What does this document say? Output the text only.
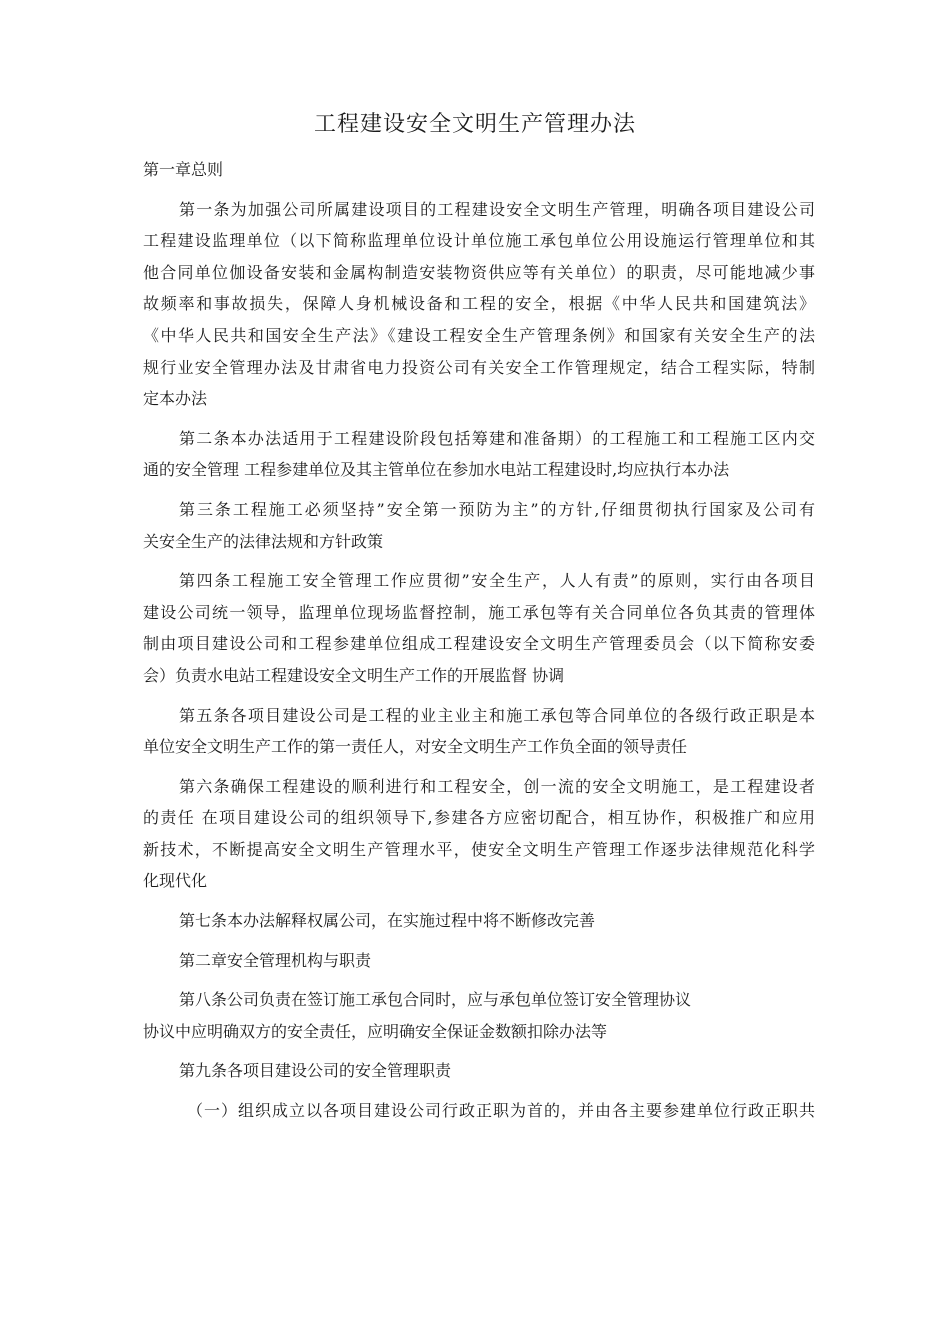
工程建设安全文明生产管理办法
第一章总则
第一条为加强公司所属建设项目的工程建设安全文明生产管理，明确各项目建设公司
工程建设监理单位（以下简称监理单位设计单位施工承包单位公用设施运行管理单位和其
他合同单位伽设备安装和金属构制造安装物资供应等有关单位）的职责，尽可能地减少事
故频率和事故损失，保障人身机械设备和工程的安全，根据《中华人民共和国建筑法》
《中华人民共和国安全生产法》《建设工程安全生产管理条例》和国家有关安全生产的法
规行业安全管理办法及甘肃省电力投资公司有关安全工作管理规定，结合工程实际，特制
定本办法
第二条本办法适用于工程建设阶段包括筹建和准备期）的工程施工和工程施工区内交
通的安全管理 工程参建单位及其主管单位在参加水电站工程建设时,均应执行本办法
第三条工程施工必须坚持”安全第一预防为主”的方针,仔细贯彻执行国家及公司有
关安全生产的法律法规和方针政策
第四条工程施工安全管理工作应贯彻”安全生产，人人有责”的原则，实行由各项目
建设公司统一领导，监理单位现场监督控制，施工承包等有关合同单位各负其责的管理体
制由项目建设公司和工程参建单位组成工程建设安全文明生产管理委员会（以下简称安委
会）负责水电站工程建设安全文明生产工作的开展监督 协调
第五条各项目建设公司是工程的业主业主和施工承包等合同单位的各级行政正职是本
单位安全文明生产工作的第一责任人，对安全文明生产工作负全面的领导责任
第六条确保工程建设的顺利进行和工程安全，创一流的安全文明施工，是工程建设者
的责任 在项目建设公司的组织领导下,参建各方应密切配合，相互协作，积极推广和应用
新技术，不断提高安全文明生产管理水平，使安全文明生产管理工作逐步法律规范化科学
化现代化
第七条本办法解释权属公司，在实施过程中将不断修改完善
第二章安全管理机构与职责
第八条公司负责在签订施工承包合同时，应与承包单位签订安全管理协议
协议中应明确双方的安全责任，应明确安全保证金数额扣除办法等
第九条各项目建设公司的安全管理职责
（一）组织成立以各项目建设公司行政正职为首的，并由各主要参建单位行政正职共
